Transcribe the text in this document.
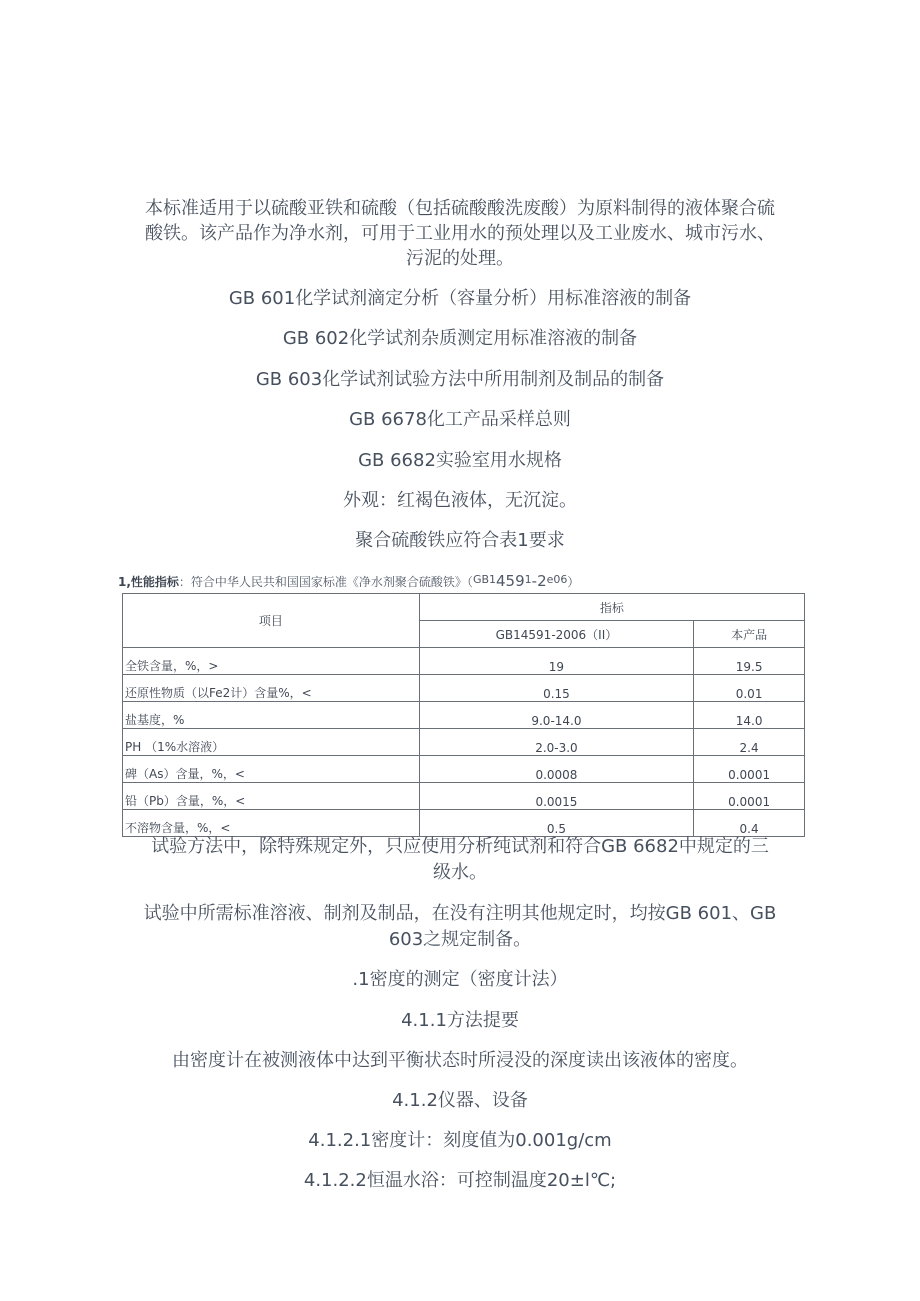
本标准适用于以硫酸亚铁和硫酸（包括硫酸酸洗废酸）为原料制得的液体聚合硫

酸铁。该产品作为净水剂，可用于工业用水的预处理以及工业废水、城市污水、

污泥的处理。

GB 601化学试剂滴定分析（容量分析）用标准溶液的制备

GB 602化学试剂杂质测定用标准溶液的制备

GB 603化学试剂试验方法中所用制剂及制品的制备

GB 6678化工产品采样总则

GB 6682实验室用水规格

外观：红褐色液体，无沉淀。

聚合硫酸铁应符合表1要求

1,性能指标：符合中华人民共和国国家标准《净水剂聚合硫酸铁》$(^{GB1}459^1-2^{e06})$

项目	指标	
	GB14591-2006（II）	本产品
全铁含量，%，>	19	19.5
还原性物质（以Fe2计）含量%，<	0.15	0.01
盐基度，%	9.0-14.0	14.0
PH （1%水溶液）	2.0-3.0	2.4
碑（As）含量，%，<	0.0008	0.0001
铅（Pb）含量，%，<	0.0015	0.0001
不溶物含量，%，<	0.5	0.4

试验方法中，除特殊规定外，只应使用分析纯试剂和符合GB 6682中规定的三

级水。

试验中所需标准溶液、制剂及制品，在没有注明其他规定时，均按GB 601、GB

603之规定制备。

.1密度的测定（密度计法）

4.1.1方法提要

由密度计在被测液体中达到平衡状态时所浸没的深度读出该液体的密度。

4.1.2仪器、设备

4.1.2.1密度计：刻度值为0.001g/cm

4.1.2.2恒温水浴：可控制温度20±l℃;
